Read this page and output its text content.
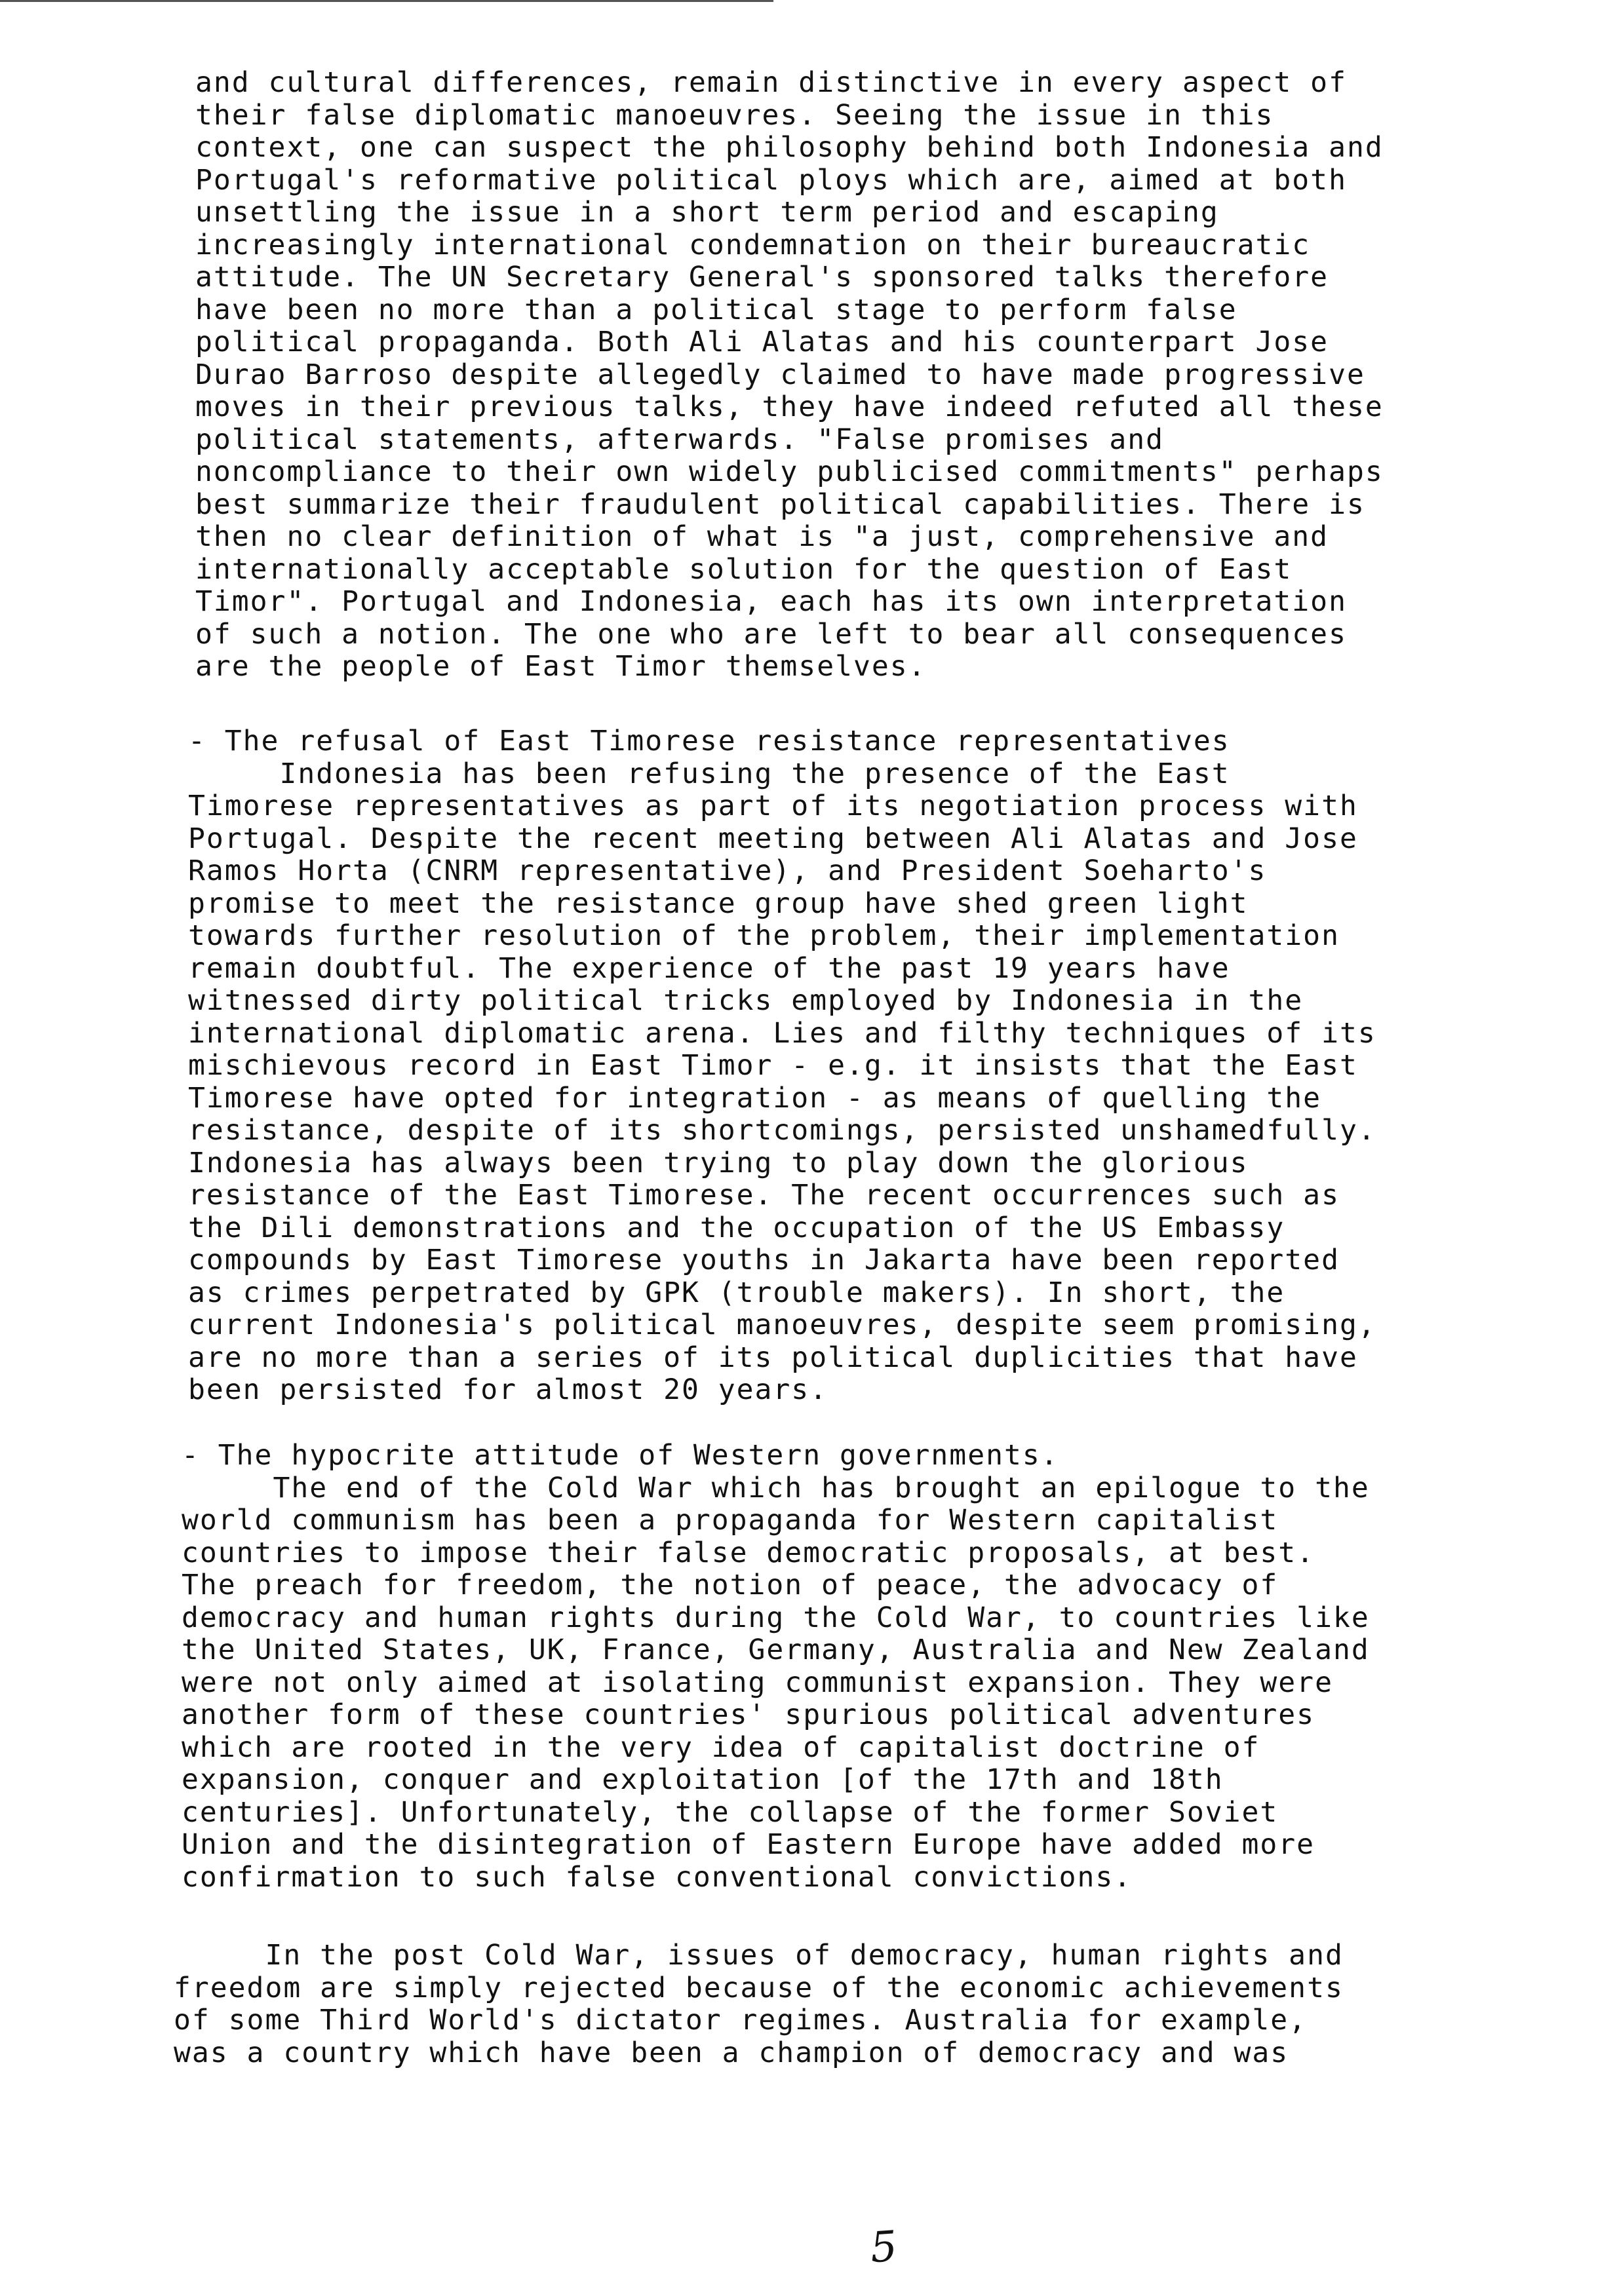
and cultural differences, remain distinctive in every aspect of
their false diplomatic manoeuvres. Seeing the issue in this
context, one can suspect the philosophy behind both Indonesia and
Portugal's reformative political ploys which are, aimed at both
unsettling the issue in a short term period and escaping
increasingly international condemnation on their bureaucratic
attitude. The UN Secretary General's sponsored talks therefore
have been no more than a political stage to perform false
political propaganda. Both Ali Alatas and his counterpart Jose
Durao Barroso despite allegedly claimed to have made progressive
moves in their previous talks, they have indeed refuted all these
political statements, afterwards. "False promises and
noncompliance to their own widely publicised commitments" perhaps
best summarize their fraudulent political capabilities. There is
then no clear definition of what is "a just, comprehensive and
internationally acceptable solution for the question of East
Timor". Portugal and Indonesia, each has its own interpretation
of such a notion. The one who are left to bear all consequences
are the people of East Timor themselves.
- The refusal of East Timorese resistance representatives
Indonesia has been refusing the presence of the East
Timorese representatives as part of its negotiation process with
Portugal. Despite the recent meeting between Ali Alatas and Jose
Ramos Horta (CNRM representative), and President Soeharto's
promise to meet the resistance group have shed green light
towards further resolution of the problem, their implementation
remain doubtful. The experience of the past 19 years have
witnessed dirty political tricks employed by Indonesia in the
international diplomatic arena. Lies and filthy techniques of its
mischievous record in East Timor - e.g. it insists that the East
Timorese have opted for integration - as means of quelling the
resistance, despite of its shortcomings, persisted unshamedfully.
Indonesia has always been trying to play down the glorious
resistance of the East Timorese. The recent occurrences such as
the Dili demonstrations and the occupation of the US Embassy
compounds by East Timorese youths in Jakarta have been reported
as crimes perpetrated by GPK (trouble makers). In short, the
current Indonesia's political manoeuvres, despite seem promising,
are no more than a series of its political duplicities that have
been persisted for almost 20 years.
- The hypocrite attitude of Western governments.
The end of the Cold War which has brought an epilogue to the
world communism has been a propaganda for Western capitalist
countries to impose their false democratic proposals, at best.
The preach for freedom, the notion of peace, the advocacy of
democracy and human rights during the Cold War, to countries like
the United States, UK, France, Germany, Australia and New Zealand
were not only aimed at isolating communist expansion. They were
another form of these countries' spurious political adventures
which are rooted in the very idea of capitalist doctrine of
expansion, conquer and exploitation [of the 17th and 18th
centuries]. Unfortunately, the collapse of the former Soviet
Union and the disintegration of Eastern Europe have added more
confirmation to such false conventional convictions.
In the post Cold War, issues of democracy, human rights and
freedom are simply rejected because of the economic achievements
of some Third World's dictator regimes. Australia for example,
was a country which have been a champion of democracy and was
5
